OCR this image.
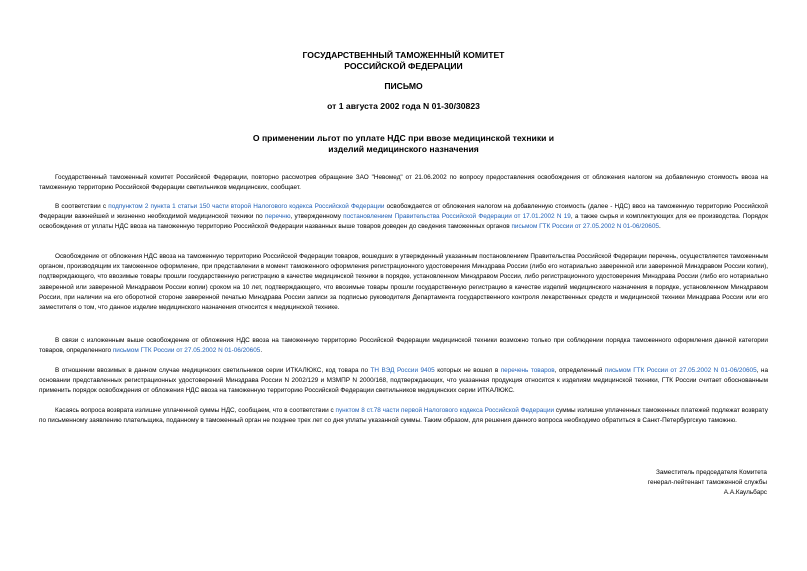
ГОСУДАРСТВЕННЫЙ ТАМОЖЕННЫЙ КОМИТЕТ
РОССИЙСКОЙ ФЕДЕРАЦИИ
ПИСЬМО
от 1 августа 2002 года N 01-30/30823
О применении льгот по уплате НДС при ввозе медицинской техники и
изделий медицинского назначения
Государственный таможенный комитет Российской Федерации, повторно рассмотрев обращение ЗАО "Невомед" от 21.06.2002 по вопросу предоставления освобождения от обложения налогом на добавленную стоимость ввоза на таможенную территорию Российской Федерации светильников медицинских, сообщает.
В соответствии с подпунктом 2 пункта 1 статьи 150 части второй Налогового кодекса Российской Федерации освобождается от обложения налогом на добавленную стоимость (далее - НДС) ввоз на таможенную территорию Российской Федерации важнейшей и жизненно необходимой медицинской техники по перечню, утвержденному постановлением Правительства Российской Федерации от 17.01.2002 N 19, а также сырья и комплектующих для ее производства. Порядок освобождения от уплаты НДС ввоза на таможенную территорию Российской Федерации названных выше товаров доведен до сведения таможенных органов письмом ГТК России от 27.05.2002 N 01-06/20605.
Освобождение от обложения НДС ввоза на таможенную территорию Российской Федерации товаров, вошедших в утвержденный указанным постановлением Правительства Российской Федерации перечень, осуществляется таможенным органом, производящим их таможенное оформление, при представлении в момент таможенного оформления регистрационного удостоверения Минздрава России (либо его нотариально заверенной или заверенной Минздравом России копии), подтверждающего, что ввозимые товары прошли государственную регистрацию в качестве медицинской техники в порядке, установленном Минздравом России, либо регистрационного удостоверения Минздрава России (либо его нотариально заверенной или заверенной Минздравом России копии) сроком на 10 лет, подтверждающего, что ввозимые товары прошли государственную регистрацию в качестве изделий медицинского назначения в порядке, установленном Минздравом России, при наличии на его оборотной стороне заверенной печатью Минздрава России записи за подписью руководителя Департамента государственного контроля лекарственных средств и медицинской техники Минздрава России или его заместителя о том, что данное изделие медицинского назначения относится к медицинской технике.
В связи с изложенным выше освобождение от обложения НДС ввоза на таможенную территорию Российской Федерации медицинской техники возможно только при соблюдении порядка таможенного оформления данной категории товаров, определенного письмом ГТК России от 27.05.2002 N 01-06/20605.
В отношении ввозимых в данном случае медицинских светильников серии ИТКАЛЮКС, код товара по ТН ВЭД России 9405 которых не вошел в перечень товаров, определенный письмом ГТК России от 27.05.2002 N 01-06/20605, на основании представленных регистрационных удостоверений Минздрава России N 2002/129 и МЗМПР N 2000/168, подтверждающих, что указанная продукция относится к изделиям медицинской техники, ГТК России считает обоснованным применить порядок освобождения от обложения НДС ввоза на таможенную территорию Российской Федерации светильников медицинских серии ИТКАЛЮКС.
Касаясь вопроса возврата излишне уплаченной суммы НДС, сообщаем, что в соответствии с пунктом 8 ст.78 части первой Налогового кодекса Российской Федерации суммы излишне уплаченных таможенных платежей подлежат возврату по письменному заявлению плательщика, поданному в таможенный орган не позднее трех лет со дня уплаты указанной суммы. Таким образом, для решения данного вопроса необходимо обратиться в Санкт-Петербургскую таможню.
Заместитель председателя Комитета
генерал-лейтенант таможенной службы
А.А.Каульбарс
